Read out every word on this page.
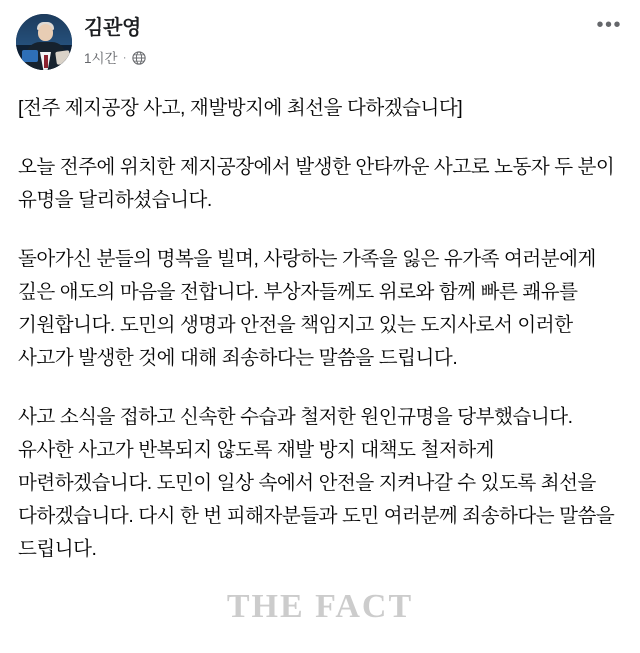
김관영
1시간 ·
•••

[전주 제지공장 사고, 재발방지에 최선을 다하겠습니다]

오늘 전주에 위치한 제지공장에서 발생한 안타까운 사고로 노동자 두 분이 유명을 달리하셨습니다.

돌아가신 분들의 명복을 빌며, 사랑하는 가족을 잃은 유가족 여러분에게 깊은 애도의 마음을 전합니다. 부상자들께도 위로와 함께 빠른 쾌유를 기원합니다. 도민의 생명과 안전을 책임지고 있는 도지사로서 이러한 사고가 발생한 것에 대해 죄송하다는 말씀을 드립니다.

사고 소식을 접하고 신속한 수습과 철저한 원인규명을 당부했습니다. 유사한 사고가 반복되지 않도록 재발 방지 대책도 철저하게 마련하겠습니다. 도민이 일상 속에서 안전을 지켜나갈 수 있도록 최선을 다하겠습니다. 다시 한 번 피해자분들과 도민 여러분께 죄송하다는 말씀을 드립니다.

THE FACT
